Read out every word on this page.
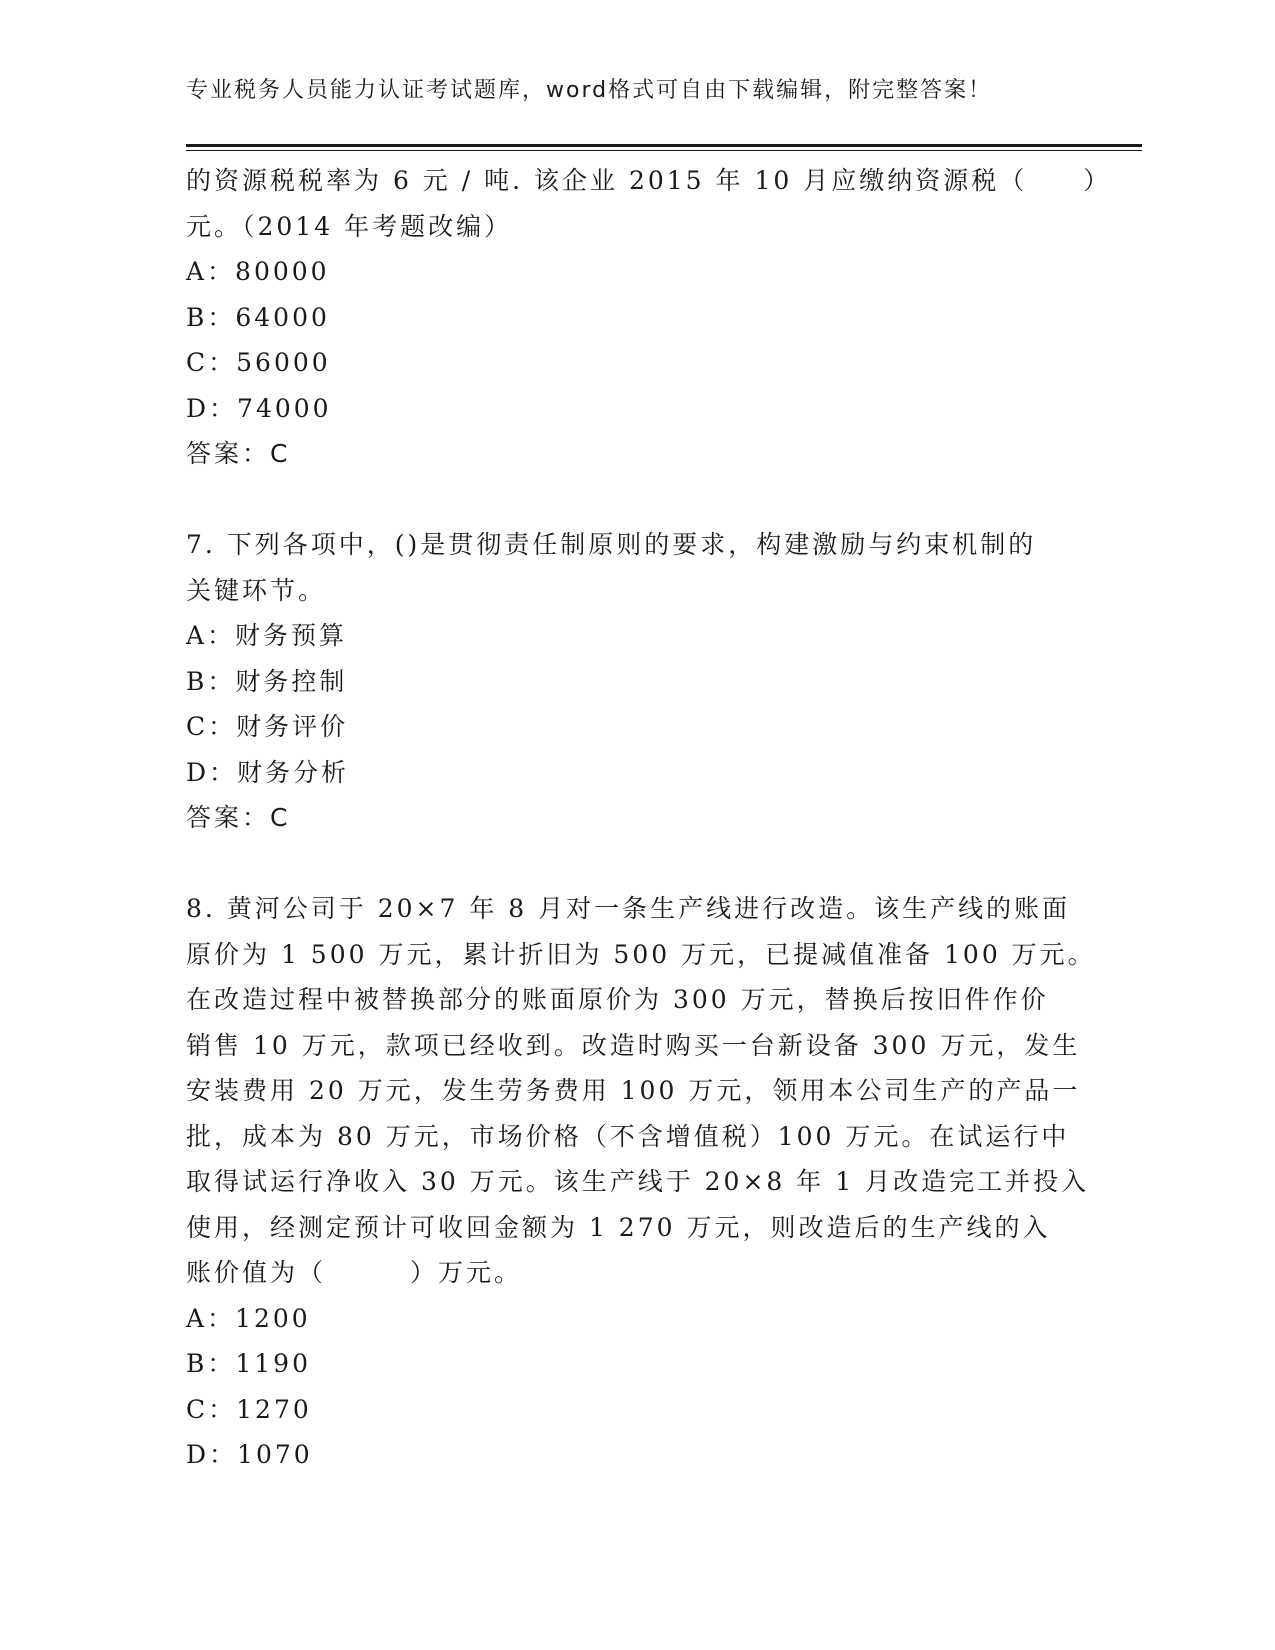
专业税务人员能力认证考试题库，word格式可自由下载编辑，附完整答案！
的资源税税率为 6 元 / 吨. 该企业 2015 年 10 月应缴纳资源税（　　）
元。（2014 年考题改编）
A：80000
B：64000
C：56000
D：74000
答案：C
7. 下列各项中，()是贯彻责任制原则的要求，构建激励与约束机制的
关键环节。
A：财务预算
B：财务控制
C：财务评价
D：财务分析
答案：C
8. 黄河公司于 20×7 年 8 月对一条生产线进行改造。该生产线的账面
原价为 1 500 万元，累计折旧为 500 万元，已提减值准备 100 万元。
在改造过程中被替换部分的账面原价为 300 万元，替换后按旧件作价
销售 10 万元，款项已经收到。改造时购买一台新设备 300 万元，发生
安装费用 20 万元，发生劳务费用 100 万元，领用本公司生产的产品一
批，成本为 80 万元，市场价格（不含增值税）100 万元。在试运行中
取得试运行净收入 30 万元。该生产线于 20×8 年 1 月改造完工并投入
使用，经测定预计可收回金额为 1 270 万元，则改造后的生产线的入
账价值为（　　　）万元。
A：1200
B：1190
C：1270
D：1070
